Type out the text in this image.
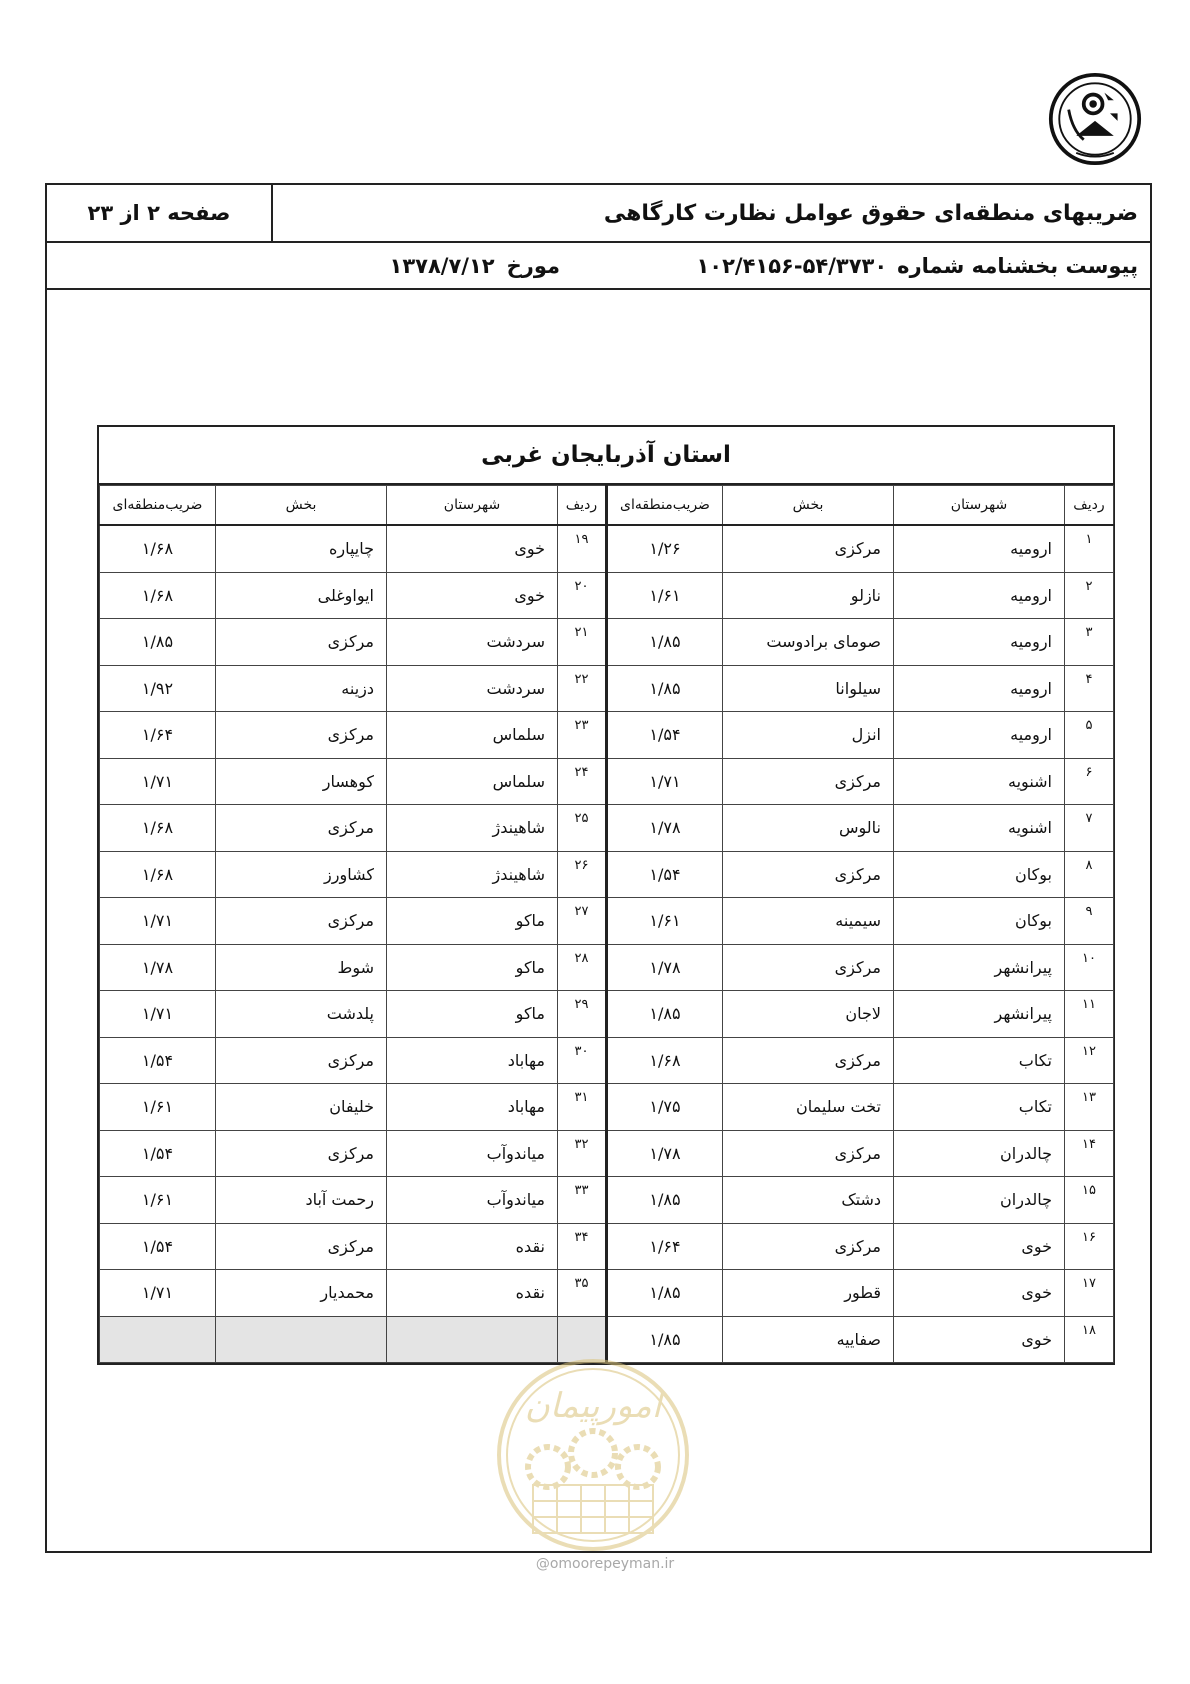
صفحه ۲ از ۲۳	ضریبهای منطقه‌ای حقوق عوامل نظارت کارگاهی
پیوست بخشنامه شماره
۱۰۲/۴۱۵۶-۵۴/۳۷۳۰
مورخ
۱۳۷۸/۷/۱۲
استان آذربایجان غربی
ردیف	شهرستان	بخش	ضریب‌منطقه‌ای	ردیف	شهرستان	بخش	ضریب‌منطقه‌ای
۱	ارومیه	مرکزی	۱/۲۶	۱۹	خوی	چایپاره	۱/۶۸
۲	ارومیه	نازلو	۱/۶۱	۲۰	خوی	ایواوغلی	۱/۶۸
۳	ارومیه	صومای برادوست	۱/۸۵	۲۱	سردشت	مرکزی	۱/۸۵
۴	ارومیه	سیلوانا	۱/۸۵	۲۲	سردشت	دزینه	۱/۹۲
۵	ارومیه	انزل	۱/۵۴	۲۳	سلماس	مرکزی	۱/۶۴
۶	اشنویه	مرکزی	۱/۷۱	۲۴	سلماس	کوهسار	۱/۷۱
۷	اشنویه	نالوس	۱/۷۸	۲۵	شاهیندژ	مرکزی	۱/۶۸
۸	بوکان	مرکزی	۱/۵۴	۲۶	شاهیندژ	کشاورز	۱/۶۸
۹	بوکان	سیمینه	۱/۶۱	۲۷	ماکو	مرکزی	۱/۷۱
۱۰	پیرانشهر	مرکزی	۱/۷۸	۲۸	ماکو	شوط	۱/۷۸
۱۱	پیرانشهر	لاجان	۱/۸۵	۲۹	ماکو	پلدشت	۱/۷۱
۱۲	تکاب	مرکزی	۱/۶۸	۳۰	مهاباد	مرکزی	۱/۵۴
۱۳	تکاب	تخت سلیمان	۱/۷۵	۳۱	مهاباد	خلیفان	۱/۶۱
۱۴	چالدران	مرکزی	۱/۷۸	۳۲	میاندوآب	مرکزی	۱/۵۴
۱۵	چالدران	دشتک	۱/۸۵	۳۳	میاندوآب	رحمت آباد	۱/۶۱
۱۶	خوی	مرکزی	۱/۶۴	۳۴	نقده	مرکزی	۱/۵۴
۱۷	خوی	قطور	۱/۸۵	۳۵	نقده	محمدیار	۱/۷۱
۱۸	خوی	صفاییه	۱/۸۵				
امورپیمان
@omoorepeyman.ir
